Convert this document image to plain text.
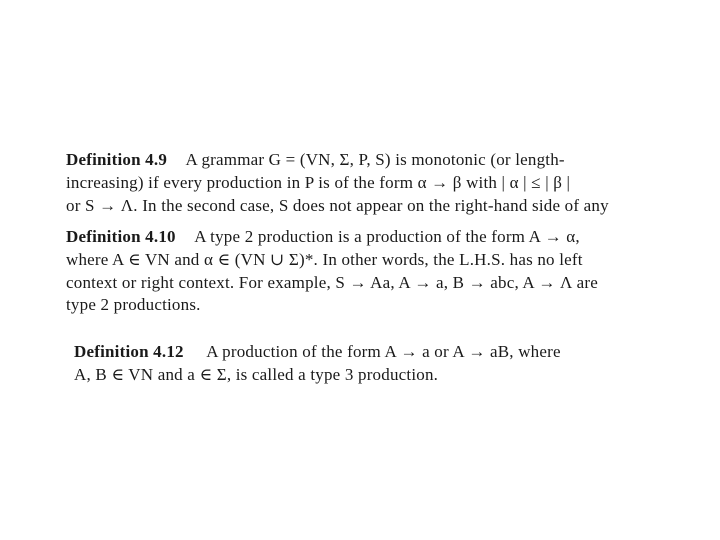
Definition 4.9 A grammar G = (VN, Σ, P, S) is monotonic (or length-
increasing) if every production in P is of the form α → β with | α | ≤ | β |
or S → Λ. In the second case, S does not appear on the right-hand side of any
Definition 4.10 A type 2 production is a production of the form A → α,
where A ∈ VN and α ∈ (VN ∪ Σ)*. In other words, the L.H.S. has no left
context or right context. For example, S → Aa, A → a, B → abc, A → Λ are
type 2 productions.
Definition 4.12 A production of the form A → a or A → aB, where
A, B ∈ VN and a ∈ Σ, is called a type 3 production.
